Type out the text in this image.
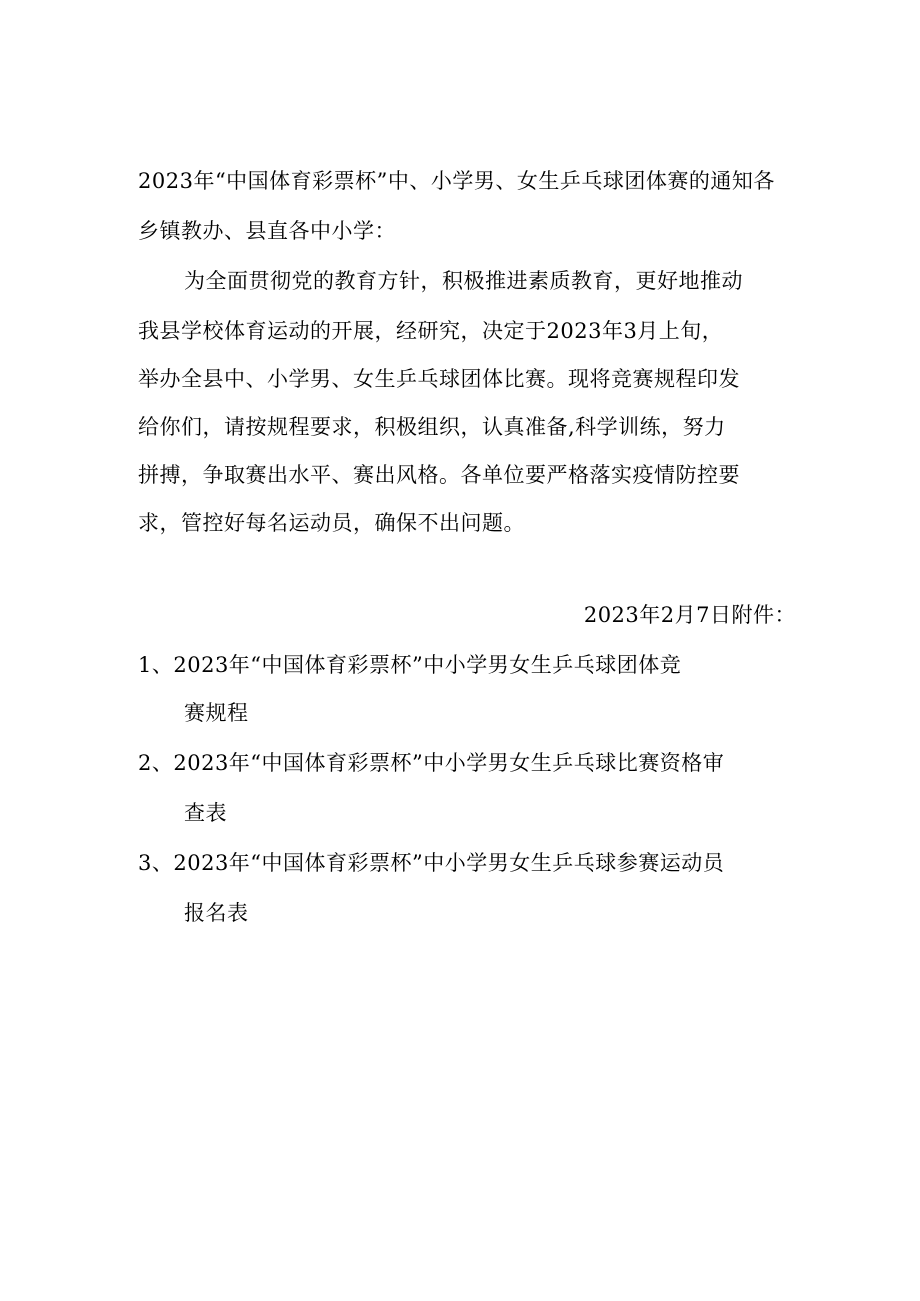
2023年“中国体育彩票杯”中、小学男、女生乒乓球团体赛的通知各
乡镇教办、县直各中小学：
为全面贯彻党的教育方针，积极推进素质教育，更好地推动
我县学校体育运动的开展，经研究，决定于2023年3月上旬，
举办全县中、小学男、女生乒乓球团体比赛。现将竞赛规程印发
给你们，请按规程要求，积极组织，认真准备,科学训练，努力
拼搏，争取赛出水平、赛出风格。各单位要严格落实疫情防控要
求，管控好每名运动员，确保不出问题。
2023年2月7日附件：
1、2023年“中国体育彩票杯”中小学男女生乒乓球团体竞
赛规程
2、2023年“中国体育彩票杯”中小学男女生乒乓球比赛资格审
查表
3、2023年“中国体育彩票杯”中小学男女生乒乓球参赛运动员
报名表
